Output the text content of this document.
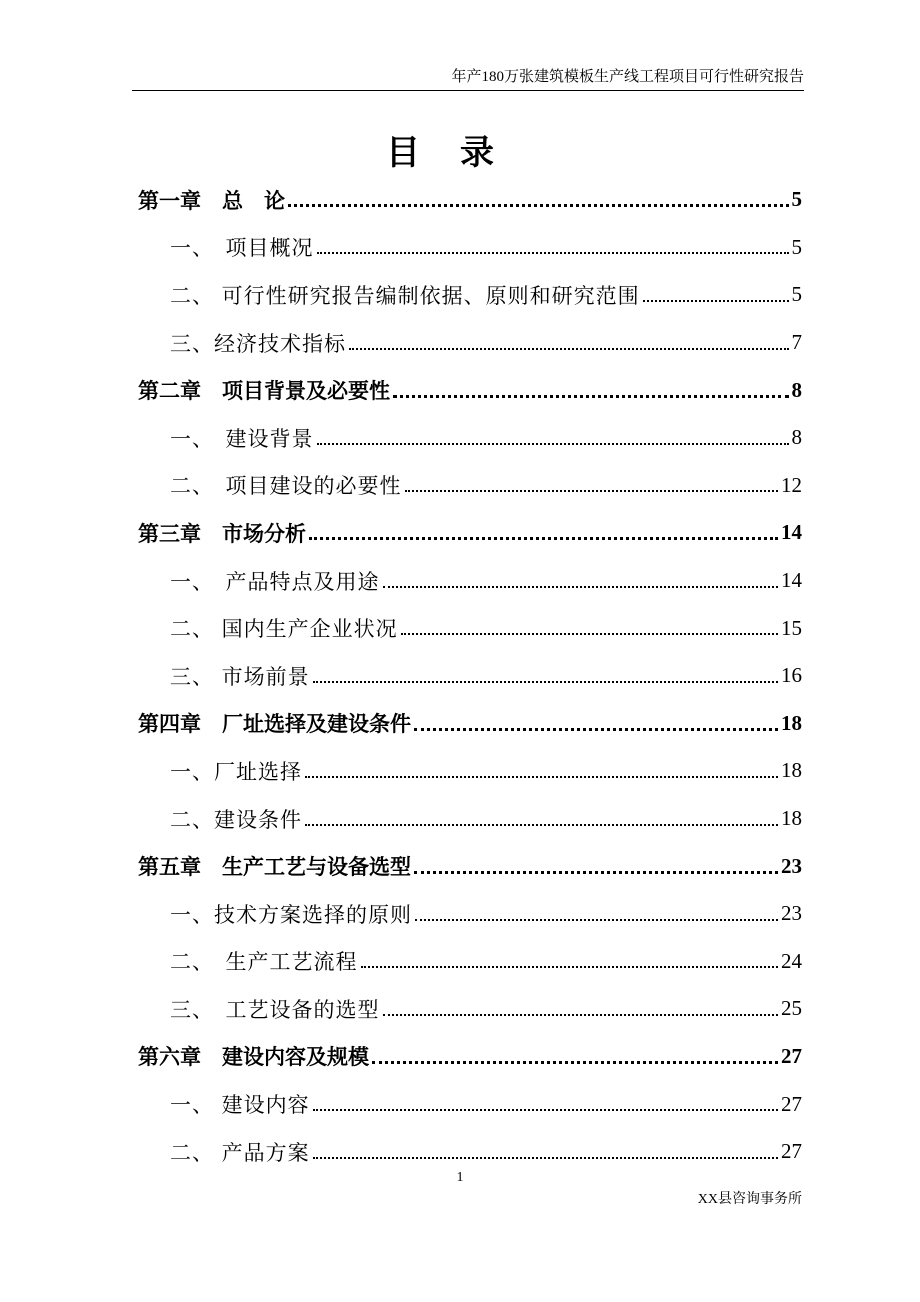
年产180万张建筑模板生产线工程项目可行性研究报告
目录
第一章　总　论	5
一、　项目概况	5
二、 可行性研究报告编制依据、原则和研究范围	5
三、经济技术指标	7
第二章　项目背景及必要性	8
一、　建设背景	8
二、　项目建设的必要性	12
第三章　市场分析	14
一、　产品特点及用途	14
二、 国内生产企业状况	15
三、 市场前景	16
第四章　厂址选择及建设条件	18
一、厂址选择	18
二、建设条件	18
第五章　生产工艺与设备选型	23
一、技术方案选择的原则	23
二、　生产工艺流程	24
三、　工艺设备的选型	25
第六章　建设内容及规模	27
一、 建设内容	27
二、 产品方案	27
1
XX县咨询事务所
